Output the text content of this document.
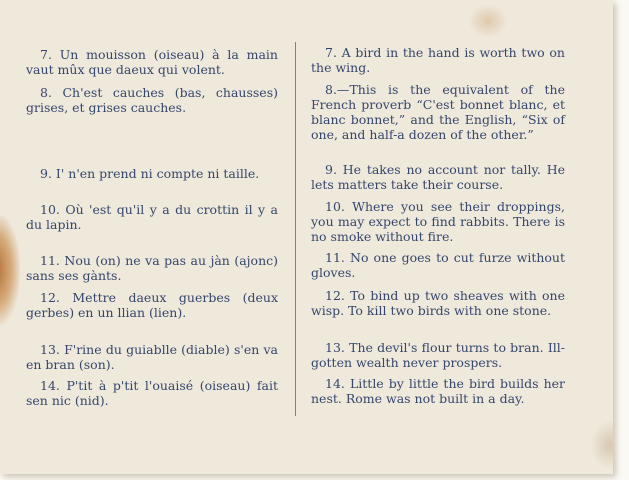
7. Un mouisson (oiseau) à la main vaut mûx que daeux qui volent.

8. Ch'est cauches (bas, chausses) grises, et grises cauches.

9. I' n'en prend ni compte ni taille.

10. Où 'est qu'il y a du crottin il y a du lapin.

11. Nou (on) ne va pas au jàn (ajonc) sans ses gànts.

12. Mettre daeux guerbes (deux gerbes) en un llian (lien).

13. F'rine du guiablle (diable) s'en va en bran (son).

14. P'tit à p'tit l'ouaisé (oiseau) fait sen nic (nid).

7. A bird in the hand is worth two on the wing.

8.—This is the equivalent of the French proverb “C'est bonnet blanc, et blanc bonnet,” and the English, “Six of one, and half-a dozen of the other.”

9. He takes no account nor tally. He lets matters take their course.

10. Where you see their droppings, you may expect to find rabbits. There is no smoke without fire.

11. No one goes to cut furze without gloves.

12. To bind up two sheaves with one wisp. To kill two birds with one stone.

13. The devil's flour turns to bran. Ill-gotten wealth never prospers.

14. Little by little the bird builds her nest. Rome was not built in a day.
